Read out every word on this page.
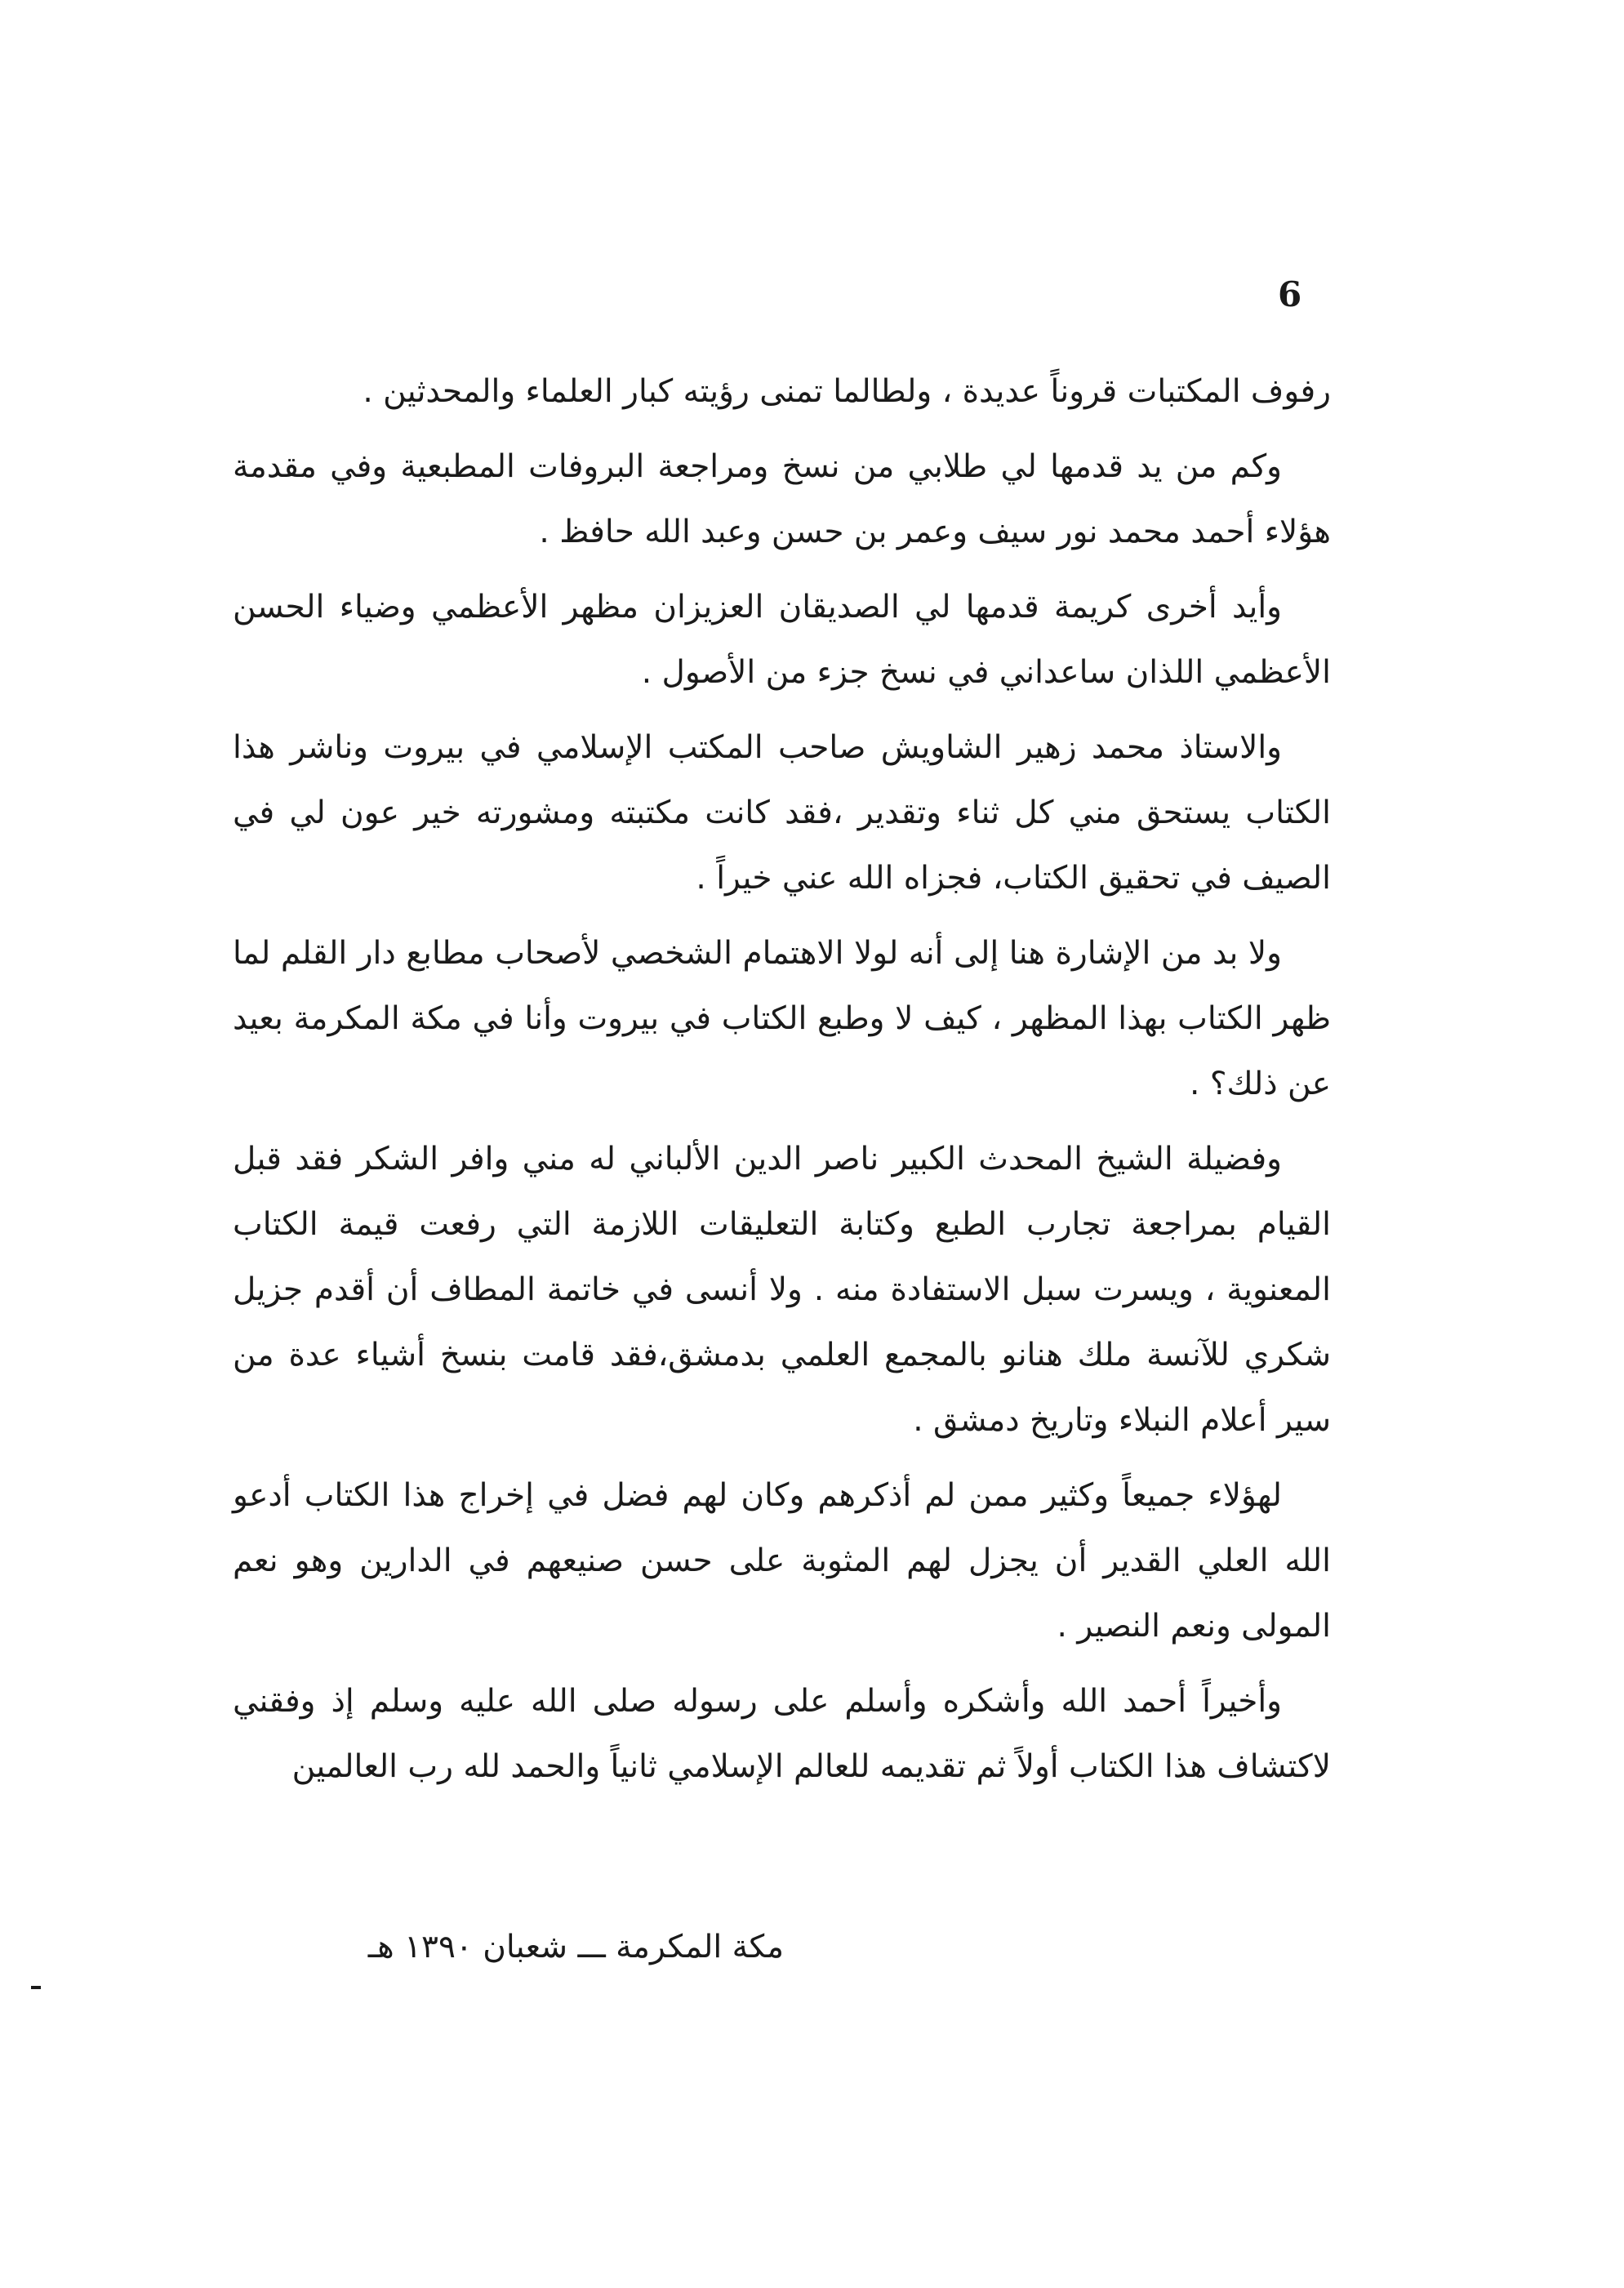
6

رفوف المكتبات قروناً عديدة ، ولطالما تمنى رؤيته كبار العلماء والمحدثين .

وكم من يد قدمها لي طلابي من نسخ ومراجعة البروفات المطبعية وفي مقدمة هؤلاء أحمد محمد نور سيف وعمر بن حسن وعبد الله حافظ .

وأيد أخرى كريمة قدمها لي الصديقان العزيزان مظهر الأعظمي وضياء الحسن الأعظمي اللذان ساعداني في نسخ جزء من الأصول .

والاستاذ محمد زهير الشاويش صاحب المكتب الإسلامي في بيروت وناشر هذا الكتاب يستحق مني كل ثناء وتقدير ،فقد كانت مكتبته ومشورته خير عون لي في الصيف في تحقيق الكتاب، فجزاه الله عني خيراً .

ولا بد من الإشارة هنا إلى أنه لولا الاهتمام الشخصي لأصحاب مطابع دار القلم لما ظهر الكتاب بهذا المظهر ، كيف لا وطبع الكتاب في بيروت وأنا في مكة المكرمة بعيد عن ذلك؟ .

وفضيلة الشيخ المحدث الكبير ناصر الدين الألباني له مني وافر الشكر فقد قبل القيام بمراجعة تجارب الطبع وكتابة التعليقات اللازمة التي رفعت قيمة الكتاب المعنوية ، ويسرت سبل الاستفادة منه . ولا أنسى في خاتمة المطاف أن أقدم جزيل شكري للآنسة ملك هنانو بالمجمع العلمي بدمشق،فقد قامت بنسخ أشياء عدة من سير أعلام النبلاء وتاريخ دمشق .

لهؤلاء جميعاً وكثير ممن لم أذكرهم وكان لهم فضل في إخراج هذا الكتاب أدعو الله العلي القدير أن يجزل لهم المثوبة على حسن صنيعهم في الدارين وهو نعم المولى ونعم النصير .

وأخيراً أحمد الله وأشكره وأسلم على رسوله صلى الله عليه وسلم إذ وفقني لاكتشاف هذا الكتاب أولاً ثم تقديمه للعالم الإسلامي ثانياً والحمد لله رب العالمين

مكة المكرمة ـــ شعبان ١٣٩٠ هـ
